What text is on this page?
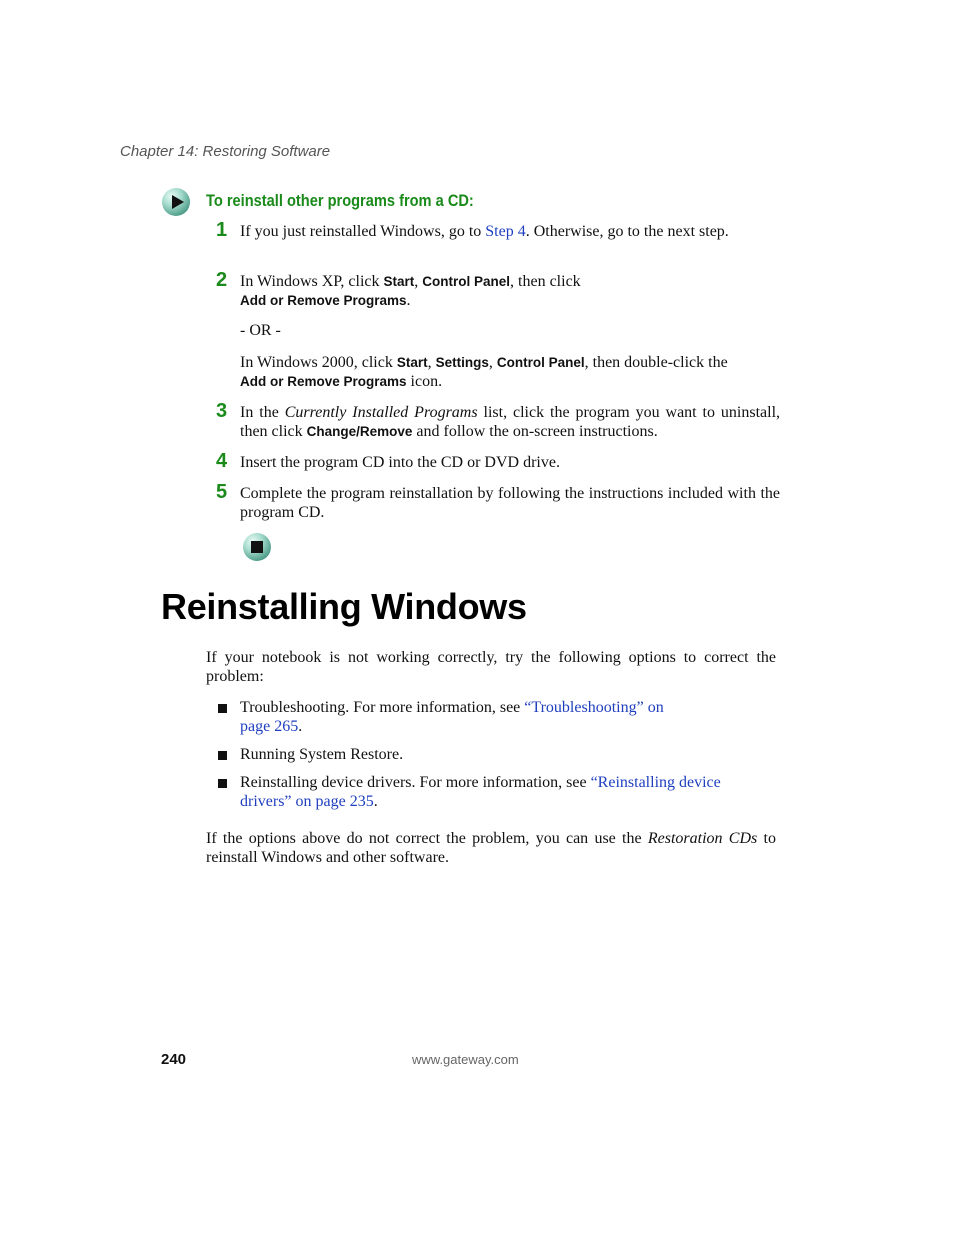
Chapter 14: Restoring Software
To reinstall other programs from a CD:
1 If you just reinstalled Windows, go to Step 4. Otherwise, go to the next step.
2 In Windows XP, click Start, Control Panel, then click
Add or Remove Programs.
- OR -
In Windows 2000, click Start, Settings, Control Panel, then double-click the
Add or Remove Programs icon.
3 In the Currently Installed Programs list, click the program you want to uninstall, then click Change/Remove and follow the on-screen instructions.
4 Insert the program CD into the CD or DVD drive.
5 Complete the program reinstallation by following the instructions included with the program CD.
Reinstalling Windows
If your notebook is not working correctly, try the following options to correct the problem:
Troubleshooting. For more information, see “Troubleshooting” on
page 265.
Running System Restore.
Reinstalling device drivers. For more information, see “Reinstalling device
drivers” on page 235.
If the options above do not correct the problem, you can use the Restoration CDs to reinstall Windows and other software.
240	www.gateway.com
